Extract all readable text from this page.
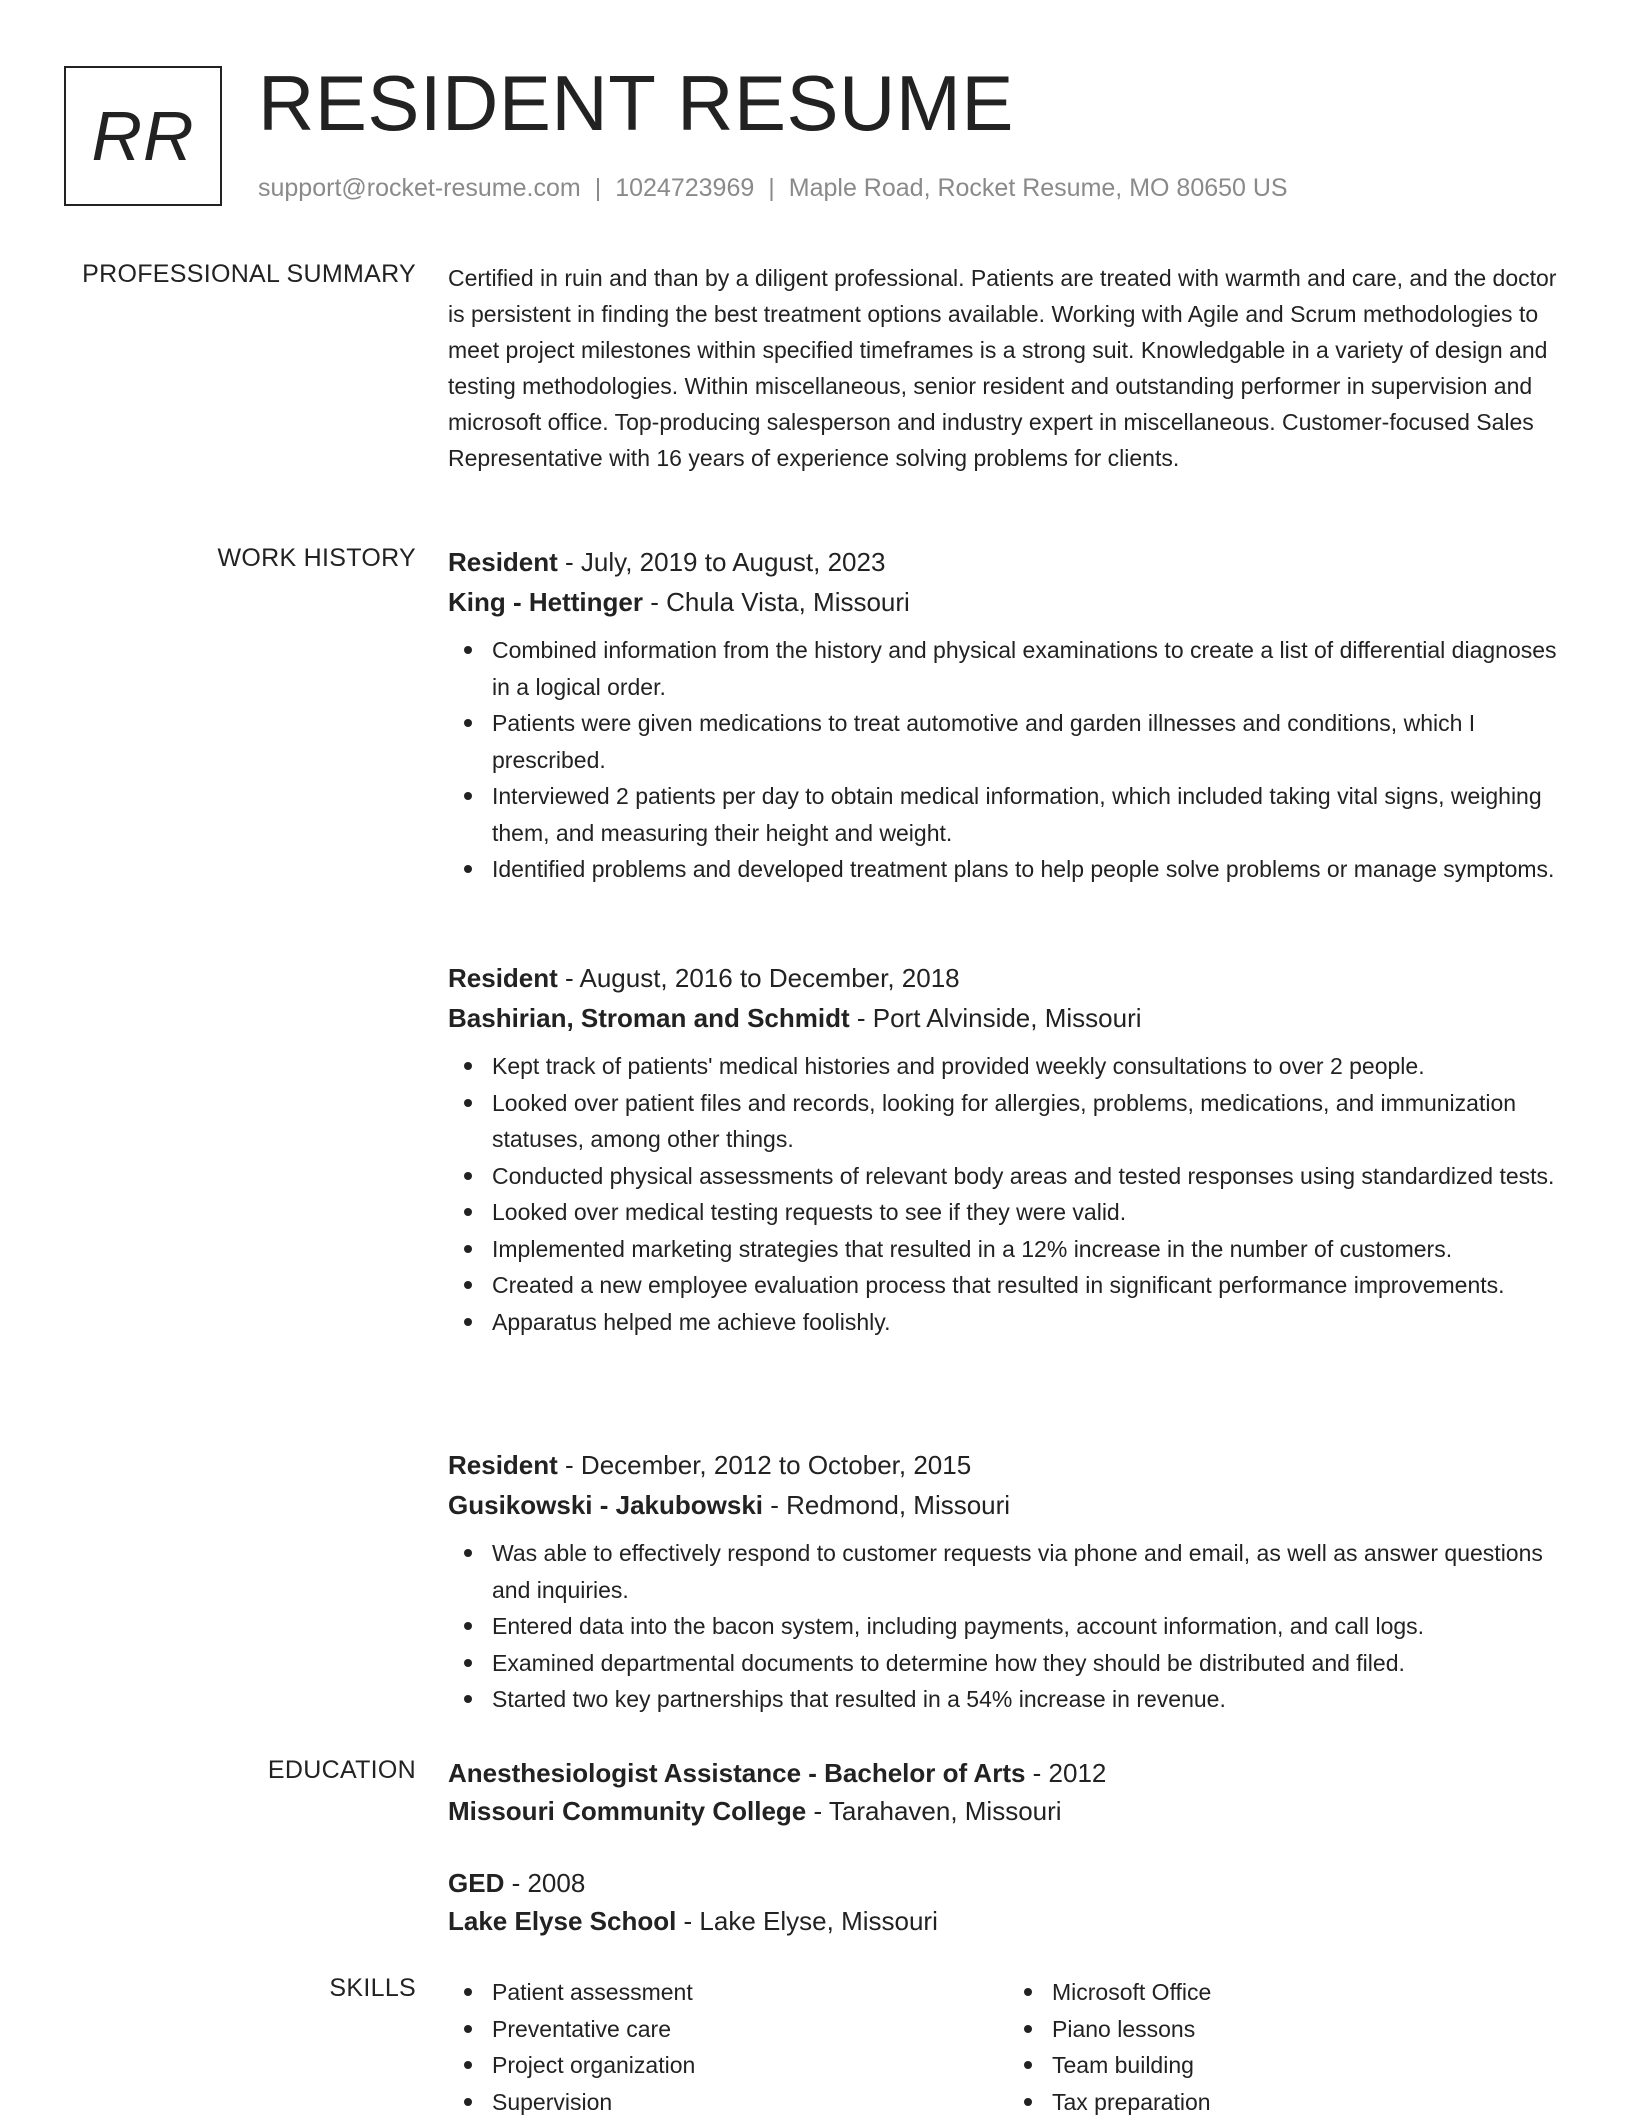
RR RESIDENT RESUME
support@rocket-resume.com | 1024723969 | Maple Road, Rocket Resume, MO 80650 US
PROFESSIONAL SUMMARY Certified in ruin and than by a diligent professional. Patients are treated with warmth and care, and the doctor is persistent in finding the best treatment options available. Working with Agile and Scrum methodologies to meet project milestones within specified timeframes is a strong suit. Knowledgable in a variety of design and testing methodologies. Within miscellaneous, senior resident and outstanding performer in supervision and microsoft office. Top-producing salesperson and industry expert in miscellaneous. Customer-focused Sales Representative with 16 years of experience solving problems for clients.

WORK HISTORY Resident - July, 2019 to August, 2023
King - Hettinger - Chula Vista, Missouri
Combined information from the history and physical examinations to create a list of differential diagnoses in a logical order.
Patients were given medications to treat automotive and garden illnesses and conditions, which I prescribed.
Interviewed 2 patients per day to obtain medical information, which included taking vital signs, weighing them, and measuring their height and weight.
Identified problems and developed treatment plans to help people solve problems or manage symptoms.
Resident - August, 2016 to December, 2018
Bashirian, Stroman and Schmidt - Port Alvinside, Missouri
Kept track of patients' medical histories and provided weekly consultations to over 2 people.
Looked over patient files and records, looking for allergies, problems, medications, and immunization statuses, among other things.
Conducted physical assessments of relevant body areas and tested responses using standardized tests.
Looked over medical testing requests to see if they were valid.
Implemented marketing strategies that resulted in a 12% increase in the number of customers.
Created a new employee evaluation process that resulted in significant performance improvements.
Apparatus helped me achieve foolishly.
Resident - December, 2012 to October, 2015
Gusikowski - Jakubowski - Redmond, Missouri
Was able to effectively respond to customer requests via phone and email, as well as answer questions and inquiries.
Entered data into the bacon system, including payments, account information, and call logs.
Examined departmental documents to determine how they should be distributed and filed.
Started two key partnerships that resulted in a 54% increase in revenue.
EDUCATION Anesthesiologist Assistance - Bachelor of Arts - 2012
Missouri Community College - Tarahaven, Missouri
GED - 2008
Lake Elyse School - Lake Elyse, Missouri
SKILLS	Patient assessment
Preventative care
Project organization
Supervision
Microsoft Office
Piano lessons
Team building
Tax preparation
